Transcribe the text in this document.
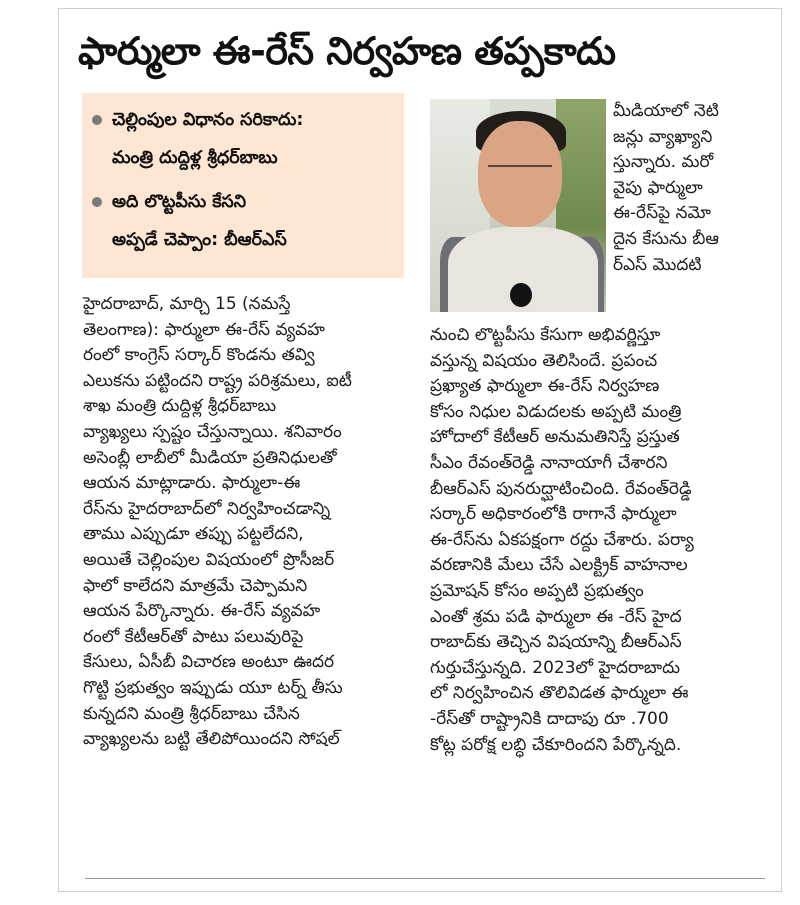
ఫార్ములా ఈ-రేస్ నిర్వహణ తప్పకాదు
చెల్లింపుల విధానం సరికాదు:
మంత్రి దుద్దిళ్ల శ్రీధర్‌బాబు
అది లొట్టపీసు కేసని
అప్పడే చెప్పాం: బీఆర్ఎస్
హైదరాబాద్, మార్చి 15 (నమస్తే
తెలంగాణ): ఫార్ములా ఈ-రేస్ వ్యవహ
రంలో కాంగ్రెస్ సర్కార్ కొండను తవ్వి
ఎలుకను పట్టిందని రాష్ట్ర పరిశ్రమలు, ఐటీ
శాఖ మంత్రి దుద్దిళ్ల శ్రీధర్‌బాబు
వ్యాఖ్యలు స్పష్టం చేస్తున్నాయి. శనివారం
అసెంబ్లీ లాబీలో మీడియా ప్రతినిధులతో
ఆయన మాట్లాడారు. ఫార్ములా-ఈ
రేస్‌ను హైదరాబాద్‌లో నిర్వహించడాన్ని
తాము ఎప్పుడూ తప్పు పట్టలేదని,
అయితే చెల్లింపుల విషయంలో ప్రొసీజర్
ఫాలో కాలేదని మాత్రమే చెప్పామని
ఆయన పేర్కొన్నారు. ఈ-రేస్ వ్యవహ
రంలో కేటీఆర్‌తో పాటు పలువురిపై
కేసులు, ఏసీబీ విచారణ అంటూ ఊదర
గొట్టి ప్రభుత్వం ఇప్పుడు యూ టర్న్ తీసు
కున్నదని మంత్రి శ్రీధర్‌బాబు చేసిన
వ్యాఖ్యలను బట్టి తేలిపోయిందని సోషల్
మీడియాలో నెటి
జన్లు వ్యాఖ్యాని
స్తున్నారు. మరో
వైపు ఫార్ములా
ఈ-రేస్‌పై నమో
దైన కేసును బీఆ
ర్ఎస్ మొదటి
నుంచి లొట్టపీసు కేసుగా అభివర్ణిస్తూ
వస్తున్న విషయం తెలిసిందే. ప్రపంచ
ప్రఖ్యాత ఫార్ములా ఈ-రేస్ నిర్వహణ
కోసం నిధుల విడుదలకు అప్పటి మంత్రి
హోదాలో కేటీఆర్ అనుమతినిస్తే ప్రస్తుత
సీఎం రేవంత్‌రెడ్డి నానాయాగీ చేశారని
బీఆర్ఎస్ పునరుద్ఘాటించింది. రేవంత్‌రెడ్డి
సర్కార్ అధికారంలోకి రాగానే ఫార్ములా
ఈ-రేస్‌ను ఏకపక్షంగా రద్దు చేశారు. పర్యా
వరణానికి మేలు చేసే ఎలక్ట్రిక్ వాహనాల
ప్రమోషన్ కోసం అప్పటి ప్రభుత్వం
ఎంతో శ్రమ పడి ఫార్ములా ఈ -రేస్ హైద
రాబాద్‌కు తెచ్చిన విషయాన్ని బీఆర్ఎస్
గుర్తుచేస్తున్నది. 2023లో హైదరాబాదు
లో నిర్వహించిన తొలివిడత ఫార్ములా ఈ
-రేస్‌తో రాష్ట్రానికి దాదాపు రూ .700
కోట్ల పరోక్ష లబ్ధి చేకూరిందని పేర్కొన్నది.
